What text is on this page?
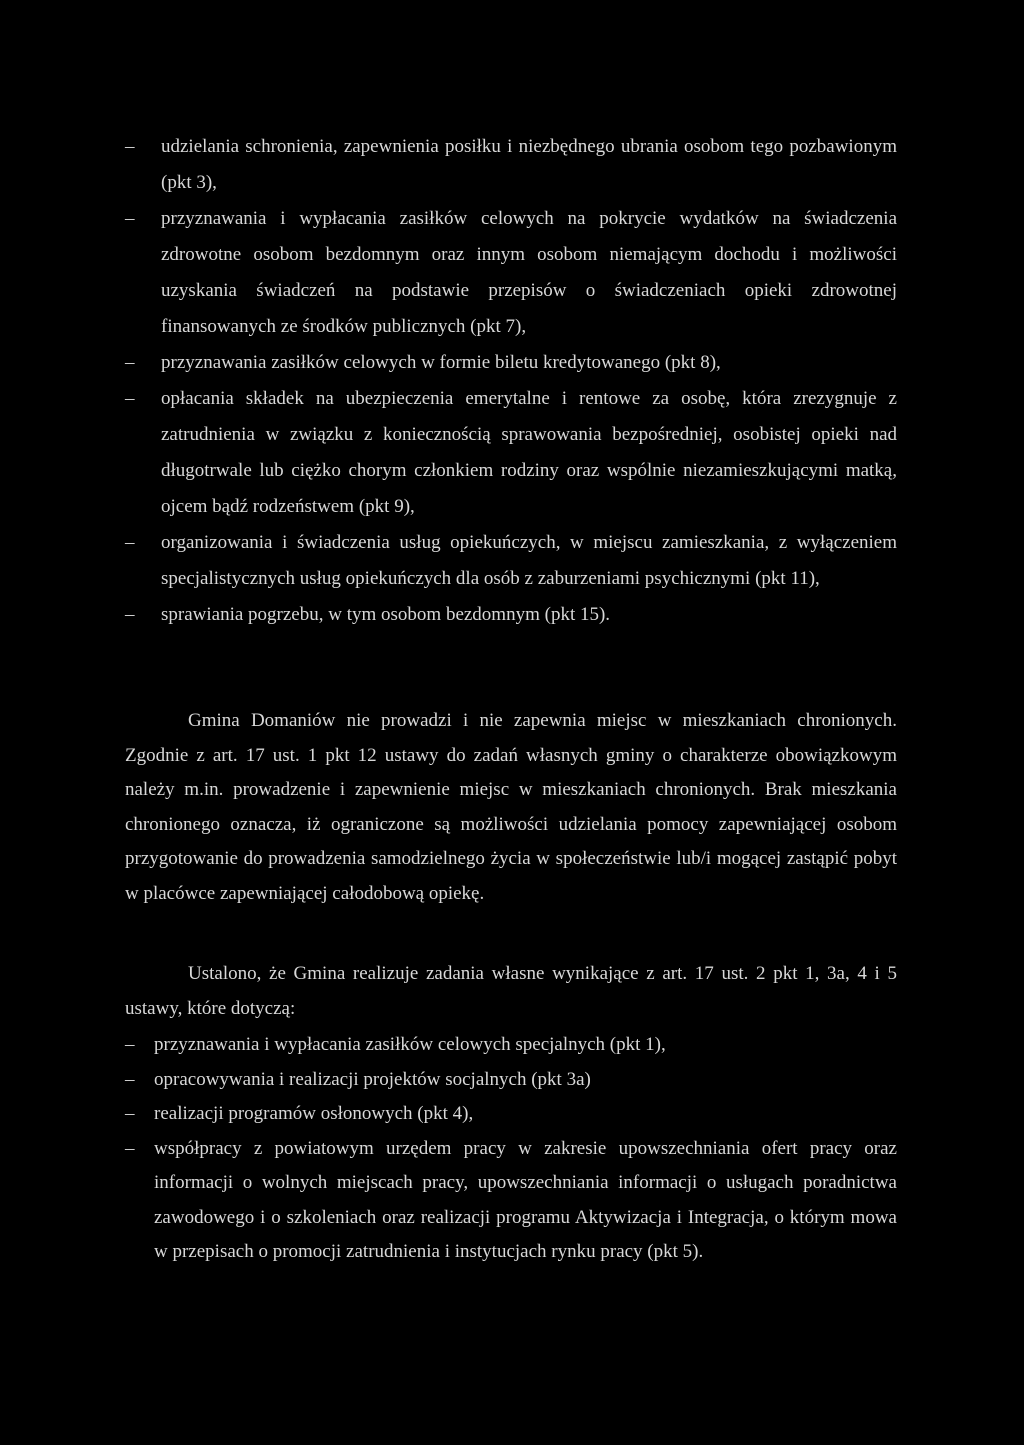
– udzielania schronienia, zapewnienia posiłku i niezbędnego ubrania osobom tego pozbawionym (pkt 3),
– przyznawania i wypłacania zasiłków celowych na pokrycie wydatków na świadczenia zdrowotne osobom bezdomnym oraz innym osobom niemającym dochodu i możliwości uzyskania świadczeń na podstawie przepisów o świadczeniach opieki zdrowotnej finansowanych ze środków publicznych (pkt 7),
– przyznawania zasiłków celowych w formie biletu kredytowanego (pkt 8),
– opłacania składek na ubezpieczenia emerytalne i rentowe za osobę, która zrezygnuje z zatrudnienia w związku z koniecznością sprawowania bezpośredniej, osobistej opieki nad długotrwale lub ciężko chorym członkiem rodziny oraz wspólnie niezamieszkującymi matką, ojcem bądź rodzeństwem (pkt 9),
– organizowania i świadczenia usług opiekuńczych, w miejscu zamieszkania, z wyłączeniem specjalistycznych usług opiekuńczych dla osób z zaburzeniami psychicznymi (pkt 11),
– sprawiania pogrzebu, w tym osobom bezdomnym (pkt 15).

Gmina Domaniów nie prowadzi i nie zapewnia miejsc w mieszkaniach chronionych. Zgodnie z art. 17 ust. 1 pkt 12 ustawy do zadań własnych gminy o charakterze obowiązkowym należy m.in. prowadzenie i zapewnienie miejsc w mieszkaniach chronionych. Brak mieszkania chronionego oznacza, iż ograniczone są możliwości udzielania pomocy zapewniającej osobom przygotowanie do prowadzenia samodzielnego życia w społeczeństwie lub/i mogącej zastąpić pobyt w placówce zapewniającej całodobową opiekę.

Ustalono, że Gmina realizuje zadania własne wynikające z art. 17 ust. 2 pkt 1, 3a, 4 i 5 ustawy, które dotyczą:

– przyznawania i wypłacania zasiłków celowych specjalnych (pkt 1),
– opracowywania i realizacji projektów socjalnych (pkt 3a)
– realizacji programów osłonowych (pkt 4),
– współpracy z powiatowym urzędem pracy w zakresie upowszechniania ofert pracy oraz informacji o wolnych miejscach pracy, upowszechniania informacji o usługach poradnictwa zawodowego i o szkoleniach oraz realizacji programu Aktywizacja i Integracja, o którym mowa w przepisach o promocji zatrudnienia i instytucjach rynku pracy (pkt 5).
